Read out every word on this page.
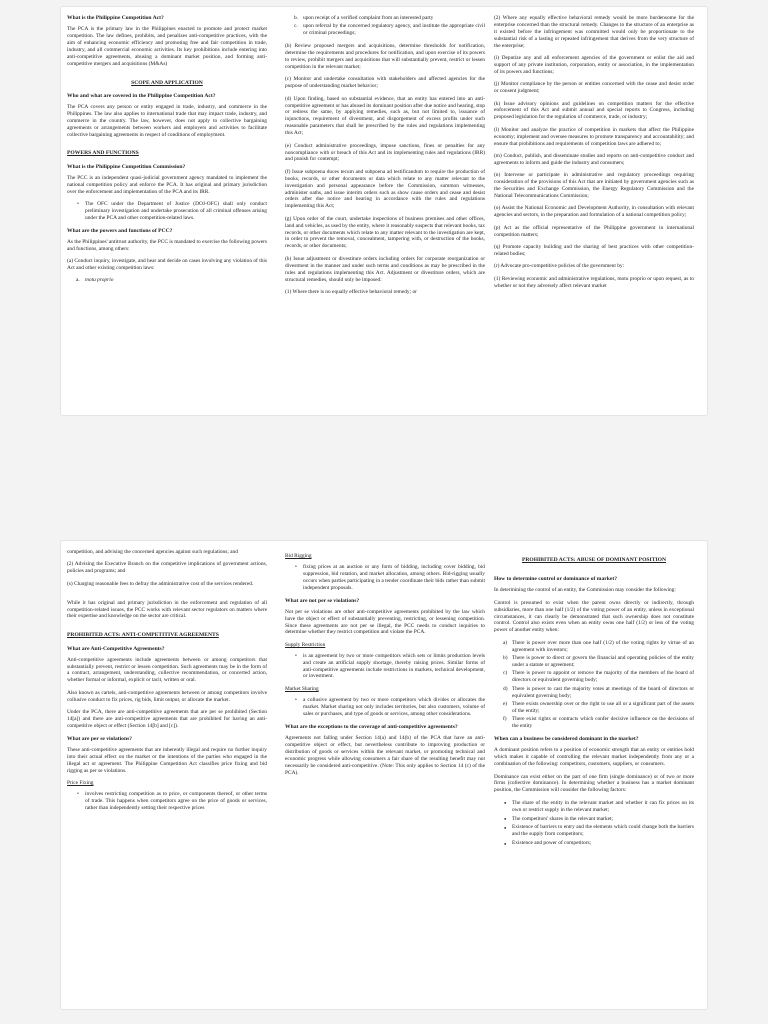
What is the Philippine Competition Act?

The PCA is the primary law in the Philippines enacted to promote and protect market competition. The law defines, prohibits, and penalizes anti-competitive practices, with the aim of enhancing economic efficiency and promoting free and fair competition in trade, industry, and all commercial economic activities. Its key prohibitions include entering into anti-competitive agreements, abusing a dominant market position, and forming anti-competitive mergers and acquisitions (M&As)

SCOPE AND APPLICATION
Who and what are covered in the Philippine Competition Act?

The PCA covers any person or entity engaged in trade, industry, and commerce in the Philippines. The law also applies to international trade that may impact trade, industry, and commerce in the country. The law, however, does not apply to collective bargaining agreements or arrangements between workers and employers and activities to facilitate collective bargaining agreements in respect of conditions of employment.

POWERS AND FUNCTIONS
What is the Philippine Competition Commission?

The PCC is an independent quasi-judicial government agency mandated to implement the national competition policy and enforce the PCA. It has original and primary jurisdiction over the enforcement and implementation of the PCA and its IRR.

• The OFC under the Department of Justice (DOJ-OFC) shall only conduct preliminary investigation and undertake prosecution of all criminal offenses arising under the PCA and other competition-related laws.
What are the powers and functions of PCC?

As the Philippines' antitrust authority, the PCC is mandated to exercise the following powers and functions, among others:

(a) Conduct inquiry, investigate, and hear and decide on cases involving any violation of this Act and other existing competition laws:

a. motu proprio
b. upon receipt of a verified complaint from an interested party
c. upon referral by the concerned regulatory agency, and institute the appropriate civil or criminal proceedings;

(b) Review proposed mergers and acquisitions, determine thresholds for notification, determine the requirements and procedures for notification, and upon exercise of its powers to review, prohibit mergers and acquisitions that will substantially prevent, restrict or lessen competition in the relevant market;

(c) Monitor and undertake consultation with stakeholders and affected agencies for the purpose of understanding market behavior;

(d) Upon finding, based on substantial evidence, that an entity has entered into an anti-competitive agreement or has abused its dominant position after due notice and hearing, stop or redress the same, by applying remedies, such as, but not limited to, issuance of injunctions, requirement of divestment, and disgorgement of excess profits under such reasonable parameters that shall be prescribed by the rules and regulations implementing this Act;

(e) Conduct administrative proceedings, impose sanctions, fines or penalties for any noncompliance with or breach of this Act and its implementing rules and regulations (IRR) and punish for contempt;

(f) Issue subpoena duces tecum and subpoena ad testificandum to require the production of books, records, or other documents or data which relate to any matter relevant to the investigation and personal appearance before the Commission, summon witnesses, administer oaths, and issue interim orders such as show cause orders and cease and desist orders after due notice and hearing in accordance with the rules and regulations implementing this Act;

(g) Upon order of the court, undertake inspections of business premises and other offices, land and vehicles, as used by the entity, where it reasonably suspects that relevant books, tax records, or other documents which relate to any matter relevant to the investigation are kept, in order to prevent the removal, concealment, tampering with, or destruction of the books, records, or other documents;

(h) Issue adjustment or divestiture orders including orders for corporate reorganization or divestment in the manner and under such terms and conditions as may be prescribed in the rules and regulations implementing this Act. Adjustment or divestiture orders, which are structural remedies, should only be imposed:

(1) Where there is no equally effective behavioral remedy; or

(2) Where any equally effective behavioral remedy would be more burdensome for the enterprise concerned than the structural remedy. Changes to the structure of an enterprise as it existed before the infringement was committed would only be proportionate to the substantial risk of a lasting or repeated infringement that derives from the very structure of the enterprise;

(i) Deputize any and all enforcement agencies of the government or enlist the aid and support of any private institution, corporation, entity or association, in the implementation of its powers and functions;

(j) Monitor compliance by the person or entities concerned with the cease and desist order or consent judgment;

(k) Issue advisory opinions and guidelines on competition matters for the effective enforcement of this Act and submit annual and special reports to Congress, including proposed legislation for the regulation of commerce, trade, or industry;

(l) Monitor and analyze the practice of competition in markets that affect the Philippine economy; implement and oversee measures to promote transparency and accountability; and ensure that prohibitions and requirements of competition laws are adhered to;

(m) Conduct, publish, and disseminate studies and reports on anti-competitive conduct and agreements to inform and guide the industry and consumers;

(n) Intervene or participate in administrative and regulatory proceedings requiring consideration of the provisions of this Act that are initiated by government agencies such as the Securities and Exchange Commission, the Energy Regulatory Commission and the National Telecommunications Commission;

(o) Assist the National Economic and Development Authority, in consultation with relevant agencies and sectors, in the preparation and formulation of a national competition policy;

(p) Act as the official representative of the Philippine government in international competition matters;

(q) Promote capacity building and the sharing of best practices with other competition-related bodies;

(r) Advocate pro-competitive policies of the government by:

(1) Reviewing economic and administrative regulations, motu proprio or upon request, as to whether or not they adversely affect relevant market

competition, and advising the concerned agencies against such regulations; and

(2) Advising the Executive Branch on the competitive implications of government actions, policies and programs; and

(s) Charging reasonable fees to defray the administrative cost of the services rendered.

While it has original and primary jurisdiction in the enforcement and regulation of all competition-related issues, the PCC works with relevant sector regulators on matters where their expertise and knowledge on the sector are critical.

PROHIBITED ACTS: ANTI-COMPETITIVE AGREEMENTS
What are Anti-Competitive Agreements?

Anti-competitive agreements include agreements between or among competitors that substantially prevent, restrict or lessen competition. Such agreements may be in the form of a contract, arrangement, understanding, collective recommendation, or concerted action, whether formal or informal, explicit or tacit, written or oral.

Also known as cartels, anti-competitive agreements between or among competitors involve collusive conduct to fix prices, rig bids, limit output, or allocate the market.

Under the PCA, there are anti-competitive agreements that are per se prohibited (Section 14[a]) and there are anti-competitive agreements that are prohibited for having an anti-competitive object or effect (Section 14[b] and [c]).

What are per se violations?

These anti-competitive agreements that are inherently illegal and require no further inquiry into their actual effect on the market or the intentions of the parties who engaged in the illegal act or agreement. The Philippine Competition Act classifies price fixing and bid rigging as per se violations.

Price Fixing
• involves restricting competition as to price, or components thereof, or other terms of trade. This happens when competitors agree on the price of goods or services, rather than independently setting their respective prices
Bid Rigging
• fixing prices at an auction or any form of bidding, including cover bidding, bid suppression, bid rotation, and market allocation, among others. Bid-rigging usually occurs when parties participating in a tender coordinate their bids rather than submit independent proposals.
What are not per se violations?

Not per se violations are other anti-competitive agreements prohibited by the law which have the object or effect of substantially preventing, restricting, or lessening competition. Since these agreements are not per se illegal, the PCC needs to conduct inquiries to determine whether they restrict competition and violate the PCA.

Supply Restriction
• is an agreement by two or more competitors which sets or limits production levels and create an artificial supply shortage, thereby raising prices. Similar forms of anti-competitive agreements include restrictions in markets, technical development, or investment.
Market Sharing
• a collusive agreement by two or more competitors which divides or allocates the market. Market sharing not only includes territories, but also customers, volume of sales or purchases, and type of goods or services, among other considerations.
What are the exceptions to the coverage of anti-competitive agreements?

Agreements not falling under Section 14(a) and 14(b) of the PCA that have an anti-competitive object or effect, but nevertheless contribute to improving production or distribution of goods or services within the relevant market, or promoting technical and economic progress while allowing consumers a fair share of the resulting benefit may not necessarily be considered anti-competitive. (Note: This only applies to Section 14 (c) of the PCA).

PROHIBITED ACTS: ABUSE OF DOMINANT POSITION
How to determine control or dominance of market?

In determining the control of an entity, the Commission may consider the following:

Control is presumed to exist when the parent owns directly or indirectly, through subsidiaries, more than one half (1/2) of the voting power of an entity, unless in exceptional circumstances, it can clearly be demonstrated that such ownership does not constitute control. Control also exists even when an entity owns one half (1/2) or less of the voting power of another entity when:

a) There is power over more than one half (1/2) of the voting rights by virtue of an agreement with investors;
b) There is power to direct or govern the financial and operating policies of the entity under a statute or agreement;
c) There is power to appoint or remove the majority of the members of the board of directors or equivalent governing body;
d) There is power to cast the majority votes at meetings of the board of directors or equivalent governing body;
e) There exists ownership over or the right to use all or a significant part of the assets of the entity;
f) There exist rights or contracts which confer decisive influence on the decisions of the entity
When can a business be considered dominant in the market?

A dominant position refers to a position of economic strength that an entity or entities hold which makes it capable of controlling the relevant market independently from any or a combination of the following: competitors, customers, suppliers, or consumers.

Dominance can exist either on the part of one firm (single dominance) or of two or more firms (collective dominance). In determining whether a business has a market dominant position, the Commission will consider the following factors:

● The share of the entity in the relevant market and whether it can fix prices on its own or restrict supply in the relevant market;
● The competitors' shares in the relevant market;
● Existence of barriers to entry and the elements which could change both the barriers and the supply from competitors;
● Existence and power of competitors;
